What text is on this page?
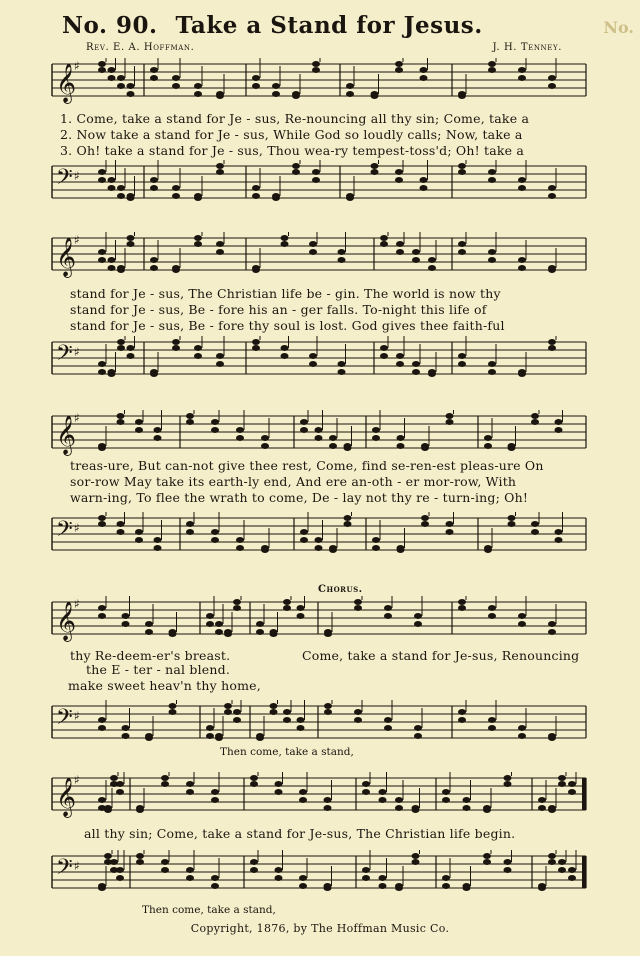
No. 90. Take a Stand for Jesus.
Rev. E. A. Hoffman.	J. H. Tenney.
No.
𝄞
♯
1. Come, take a stand for Je - sus, Re-nouncing all thy sin; Come, take a
2. Now take a stand for Je - sus, While God so loudly calls; Now, take a
3. Oh! take a stand for Je - sus, Thou wea-ry tempest-toss'd; Oh! take a
𝄢 ♯
𝄞
♯
stand for Je - sus, The Christian life be - gin. The world is now thy
stand for Je - sus, Be - fore his an - ger falls. To-night this life of
stand for Je - sus, Be - fore thy soul is lost. God gives thee faith-ful
𝄢 ♯
𝄞
♯
treas-ure, But can-not give thee rest, Come, find se-ren-est pleas-ure On
sor-row May take its earth-ly end, And ere an-oth - er mor-row, With
warn-ing, To flee the wrath to come, De - lay not thy re - turn-ing; Oh!
𝄢 ♯
Chorus.
𝄞
♯
thy Re-deem-er's breast.
the E - ter - nal blend.
make sweet heav'n thy home,
Come, take a stand for Je-sus, Renouncing
𝄢 ♯
Then come, take a stand,
𝄞
♯
all thy sin; Come, take a stand for Je-sus, The Christian life begin.
𝄢 ♯
Then come, take a stand,
Copyright, 1876, by The Hoffman Music Co.
